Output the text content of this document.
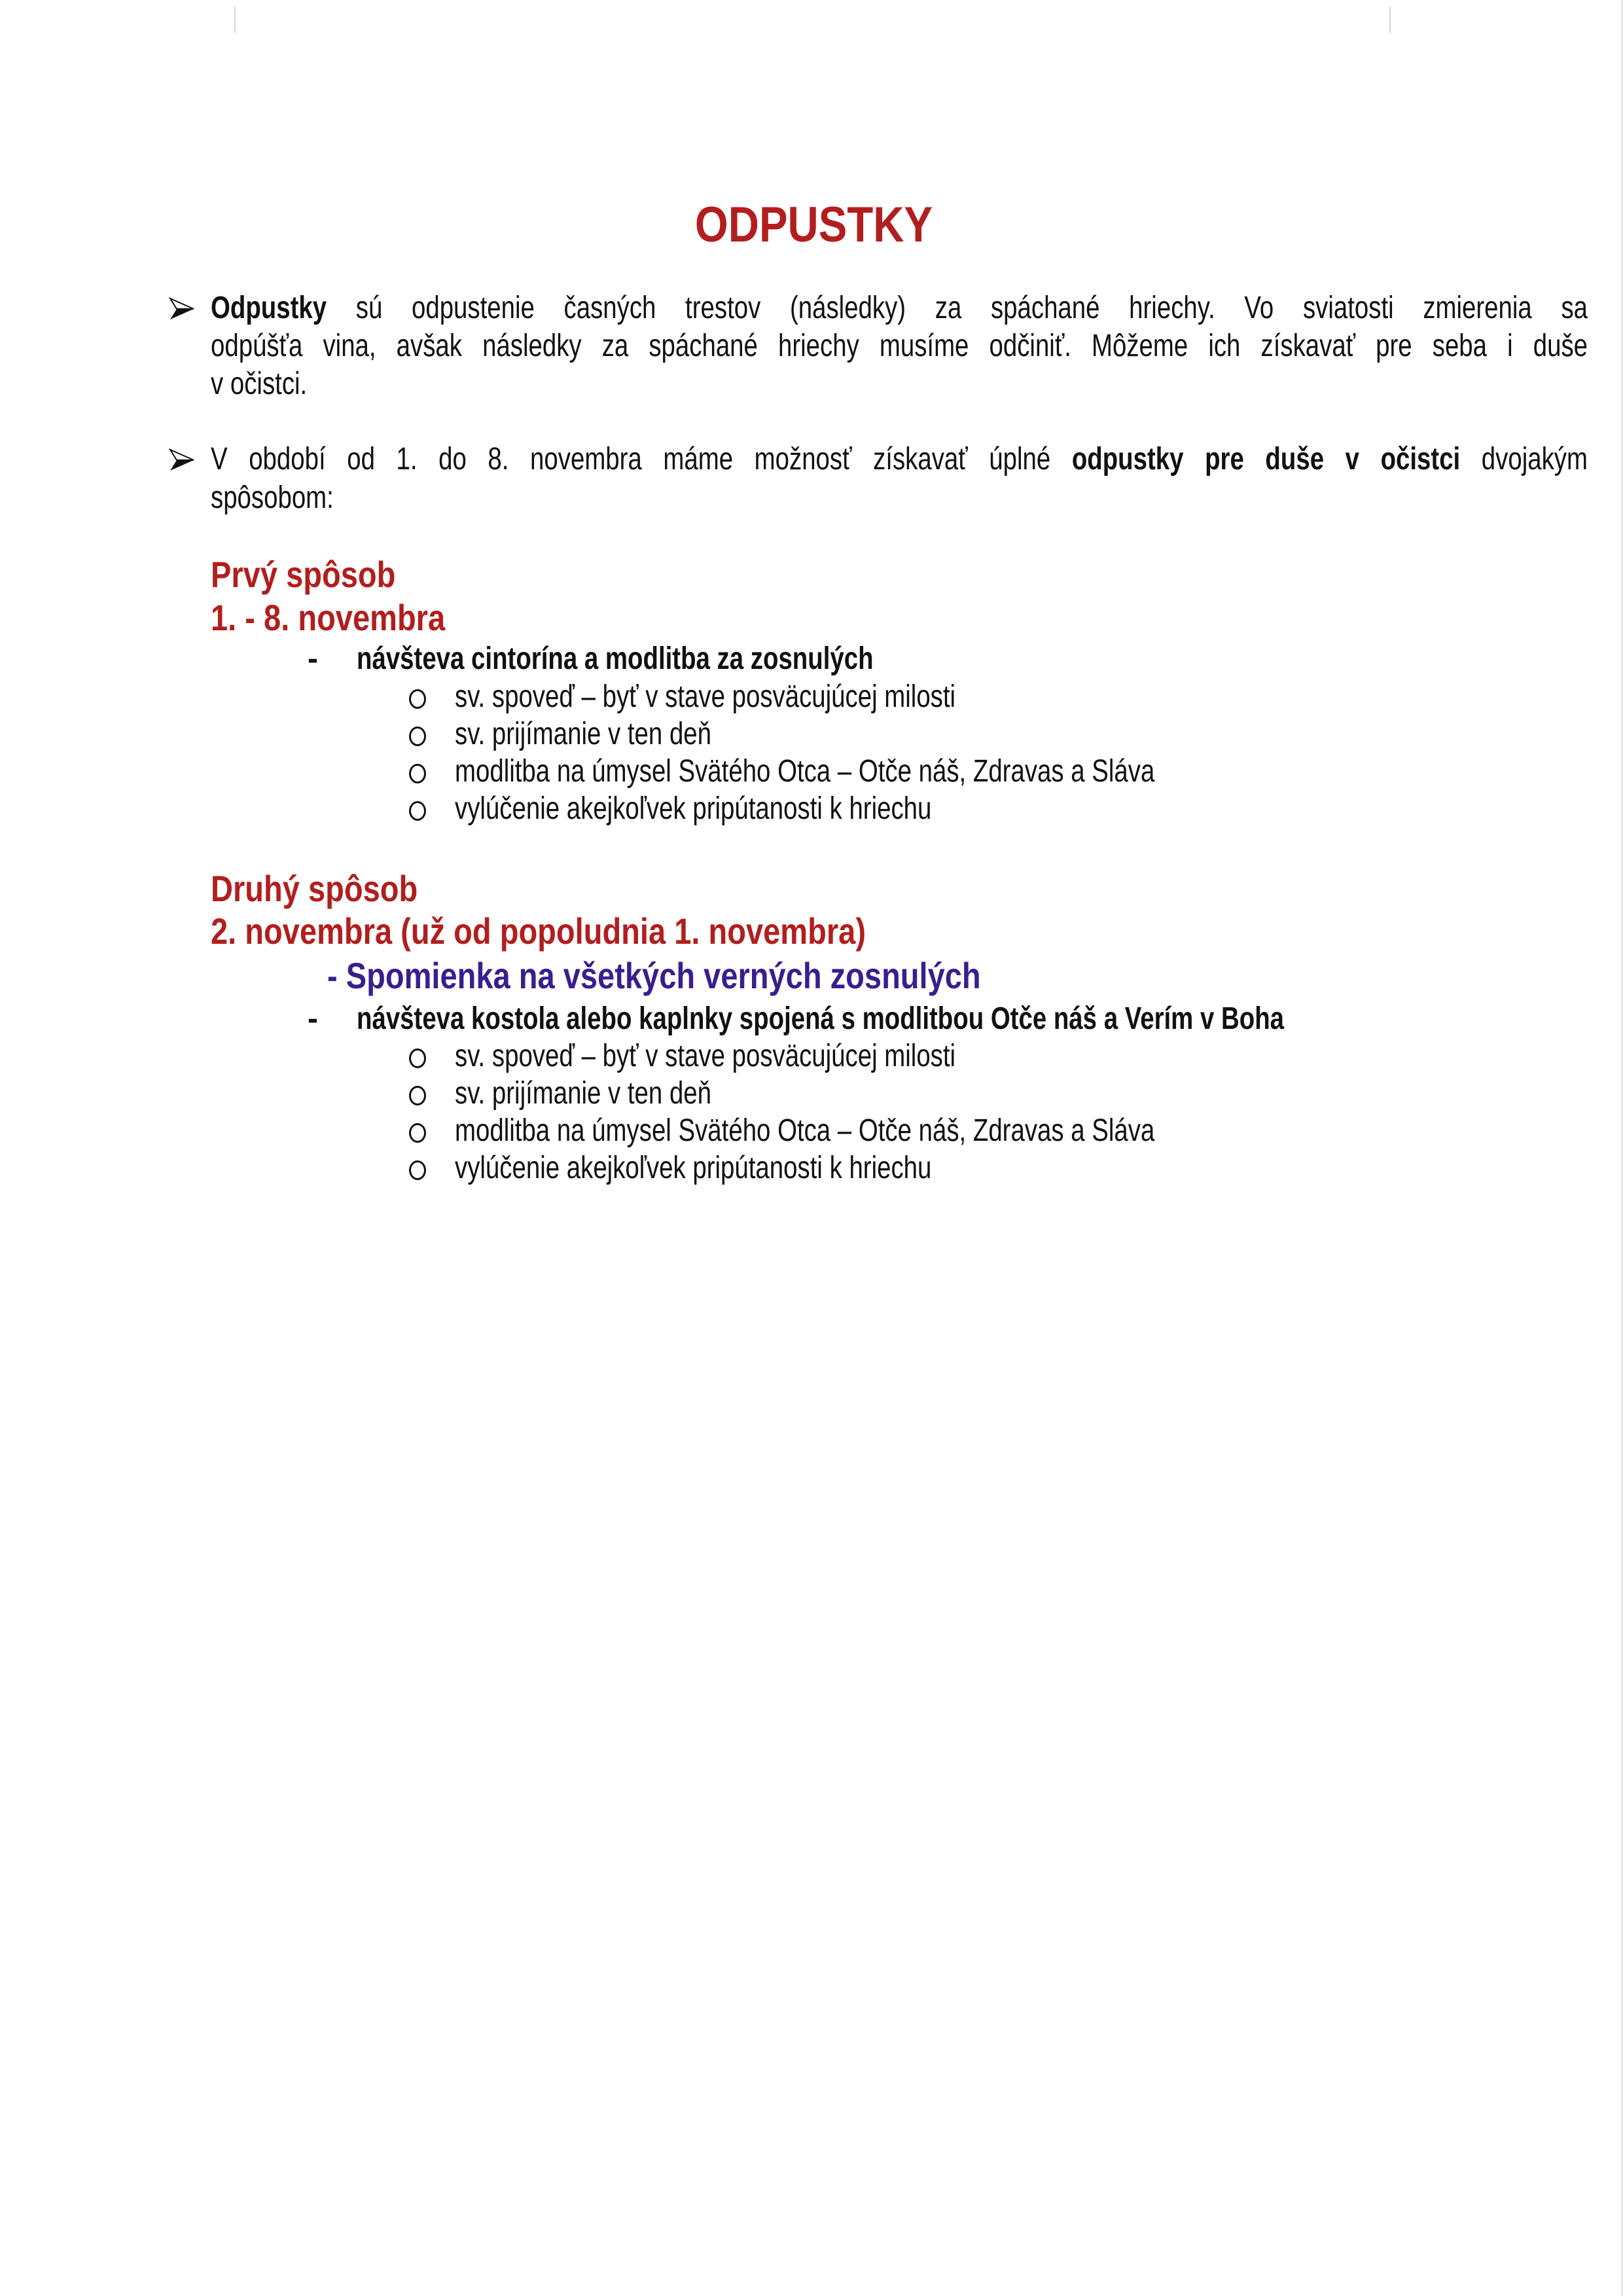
ODPUSTKY
Odpustky sú odpustenie časných trestov (následky) za spáchané hriechy. Vo sviatosti zmierenia sa
odpúšťa vina, avšak následky za spáchané hriechy musíme odčiniť. Môžeme ich získavať pre seba i duše
v očistci.
V období od 1. do 8. novembra máme možnosť získavať úplné odpustky pre duše v očistci dvojakým
spôsobom:
Prvý spôsob
1. - 8. novembra
- návšteva cintorína a modlitba za zosnulých
sv. spoveď – byť v stave posväcujúcej milosti
sv. prijímanie v ten deň
modlitba na úmysel Svätého Otca – Otče náš, Zdravas a Sláva
vylúčenie akejkoľvek pripútanosti k hriechu
Druhý spôsob
2. novembra (už od popoludnia 1. novembra)
- Spomienka na všetkých verných zosnulých
- návšteva kostola alebo kaplnky spojená s modlitbou Otče náš a Verím v Boha
sv. spoveď – byť v stave posväcujúcej milosti
sv. prijímanie v ten deň
modlitba na úmysel Svätého Otca – Otče náš, Zdravas a Sláva
vylúčenie akejkoľvek pripútanosti k hriechu
